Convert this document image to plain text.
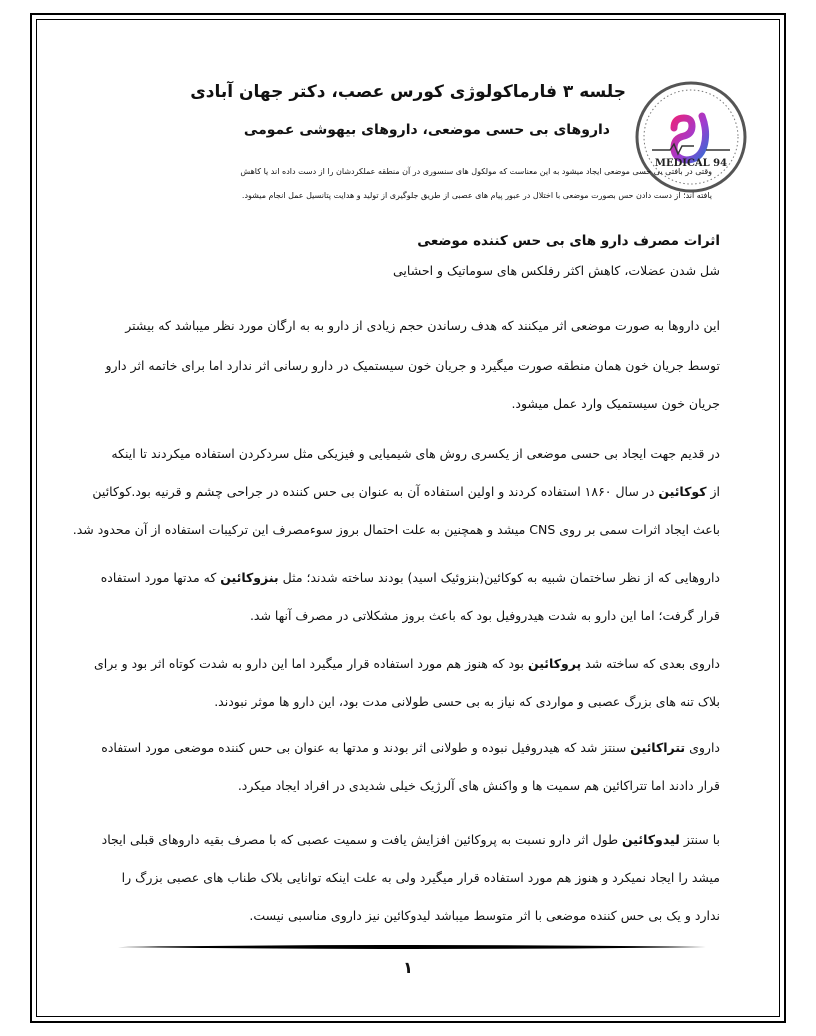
MEDICAL 94
جلسه ۳ فارماکولوژی کورس عصب، دکتر جهان آبادی
داروهای بی حسی موضعی، داروهای بیهوشی عمومی
وقتی در بافتی بی حسی موضعی ایجاد میشود به این معناست که مولکول های سنسوری در آن منطقه عملکردشان را از دست داده اند یا کاهش
یافته اند؛ از دست دادن حس بصورت موضعی با اختلال در عبور پیام های عصبی از طریق جلوگیری از تولید و هدایت پتانسیل عمل انجام میشود.
اثرات مصرف دارو های بی حس کننده موضعی
شل شدن عضلات، کاهش اکثر رفلکس های سوماتیک و احشایی
این داروها به صورت موضعی اثر میکنند که هدف رساندن حجم زیادی از دارو به به ارگان مورد نظر میباشد که بیشتر
توسط جریان خون همان منطقه صورت میگیرد و جریان خون سیستمیک در دارو رسانی اثر ندارد اما برای خاتمه اثر دارو
جریان خون سیستمیک وارد عمل میشود.
در قدیم جهت ایجاد بی حسی موضعی از یکسری روش های شیمیایی و فیزیکی مثل سردکردن استفاده میکردند تا اینکه
از کوکائین در سال ۱۸۶۰ استفاده کردند و اولین استفاده آن به عنوان بی حس کننده در جراحی چشم و قرنیه بود.کوکائین
باعث ایجاد اثرات سمی بر روی CNS میشد و همچنین به علت احتمال بروز سوءمصرف این ترکیبات استفاده از آن محدود شد.
داروهایی که از نظر ساختمان شبیه به کوکائین(بنزوئیک اسید) بودند ساخته شدند؛ مثل بنزوکائین که مدتها مورد استفاده
قرار گرفت؛ اما این دارو به شدت هیدروفیل بود که باعث بروز مشکلاتی در مصرف آنها شد.
داروی بعدی که ساخته شد پروکائین بود که هنوز هم مورد استفاده قرار میگیرد اما این دارو به شدت کوتاه اثر بود و برای
بلاک تنه های بزرگ عصبی و مواردی که نیاز به بی حسی طولانی مدت بود، این دارو ها موثر نبودند.
داروی تتراکائین سنتز شد که هیدروفیل نبوده و طولانی اثر بودند و مدتها به عنوان بی حس کننده موضعی مورد استفاده
قرار دادند اما تتراکائین هم سمیت ها و واکنش های آلرژیک خیلی شدیدی در افراد ایجاد میکرد.
با سنتز لیدوکائین طول اثر دارو نسبت به پروکائین افزایش یافت و سمیت عصبی که با مصرف بقیه داروهای قبلی ایجاد
میشد را ایجاد نمیکرد و هنوز هم مورد استفاده قرار میگیرد ولی به علت اینکه توانایی بلاک طناب های عصبی بزرگ را
ندارد و یک بی حس کننده موضعی با اثر متوسط میباشد لیدوکائین نیز داروی مناسبی نیست.
۱
